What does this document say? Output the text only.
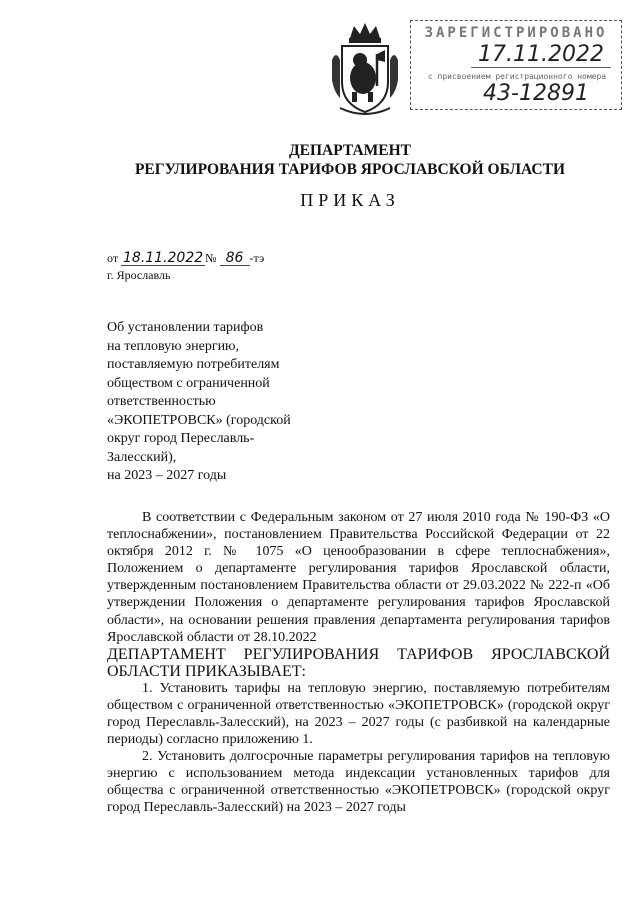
ЗАРЕГИСТРИРОВАНО
17.11.2022
с присвоением регистрационного номера
43-12891

ДЕПАРТАМЕНТ
РЕГУЛИРОВАНИЯ ТАРИФОВ ЯРОСЛАВСКОЙ ОБЛАСТИ

ПРИКАЗ

от 18.11.2022 № 86 -тэ
г. Ярославль
Об установлении тарифов
на тепловую энергию,
поставляемую потребителям
обществом с ограниченной
ответственностью
«ЭКОПЕТРОВСК» (городской
округ город Переславль-
Залесский),
на 2023 – 2027 годы

В соответствии с Федеральным законом от 27 июля 2010 года № 190-ФЗ «О теплоснабжении», постановлением Правительства Российской Федерации от 22 октября 2012 г. № 1075 «О ценообразовании в сфере теплоснабжения», Положением о департаменте регулирования тарифов Ярославской области, утвержденным постановлением Правительства области от 29.03.2022 № 222-п «Об утверждении Положения о департаменте регулирования тарифов Ярославской области», на основании решения правления департамента регулирования тарифов Ярославской области от 28.10.2022

ДЕПАРТАМЕНТ РЕГУЛИРОВАНИЯ ТАРИФОВ ЯРОСЛАВСКОЙ ОБЛАСТИ ПРИКАЗЫВАЕТ:

1. Установить тарифы на тепловую энергию, поставляемую потребителям обществом с ограниченной ответственностью «ЭКОПЕТРОВСК» (городской округ город Переславль-Залесский), на 2023 – 2027 годы (с разбивкой на календарные периоды) согласно приложению 1.

2. Установить долгосрочные параметры регулирования тарифов на тепловую энергию с использованием метода индексации установленных тарифов для общества с ограниченной ответственностью «ЭКОПЕТРОВСК» (городской округ город Переславль-Залесский) на 2023 – 2027 годы
